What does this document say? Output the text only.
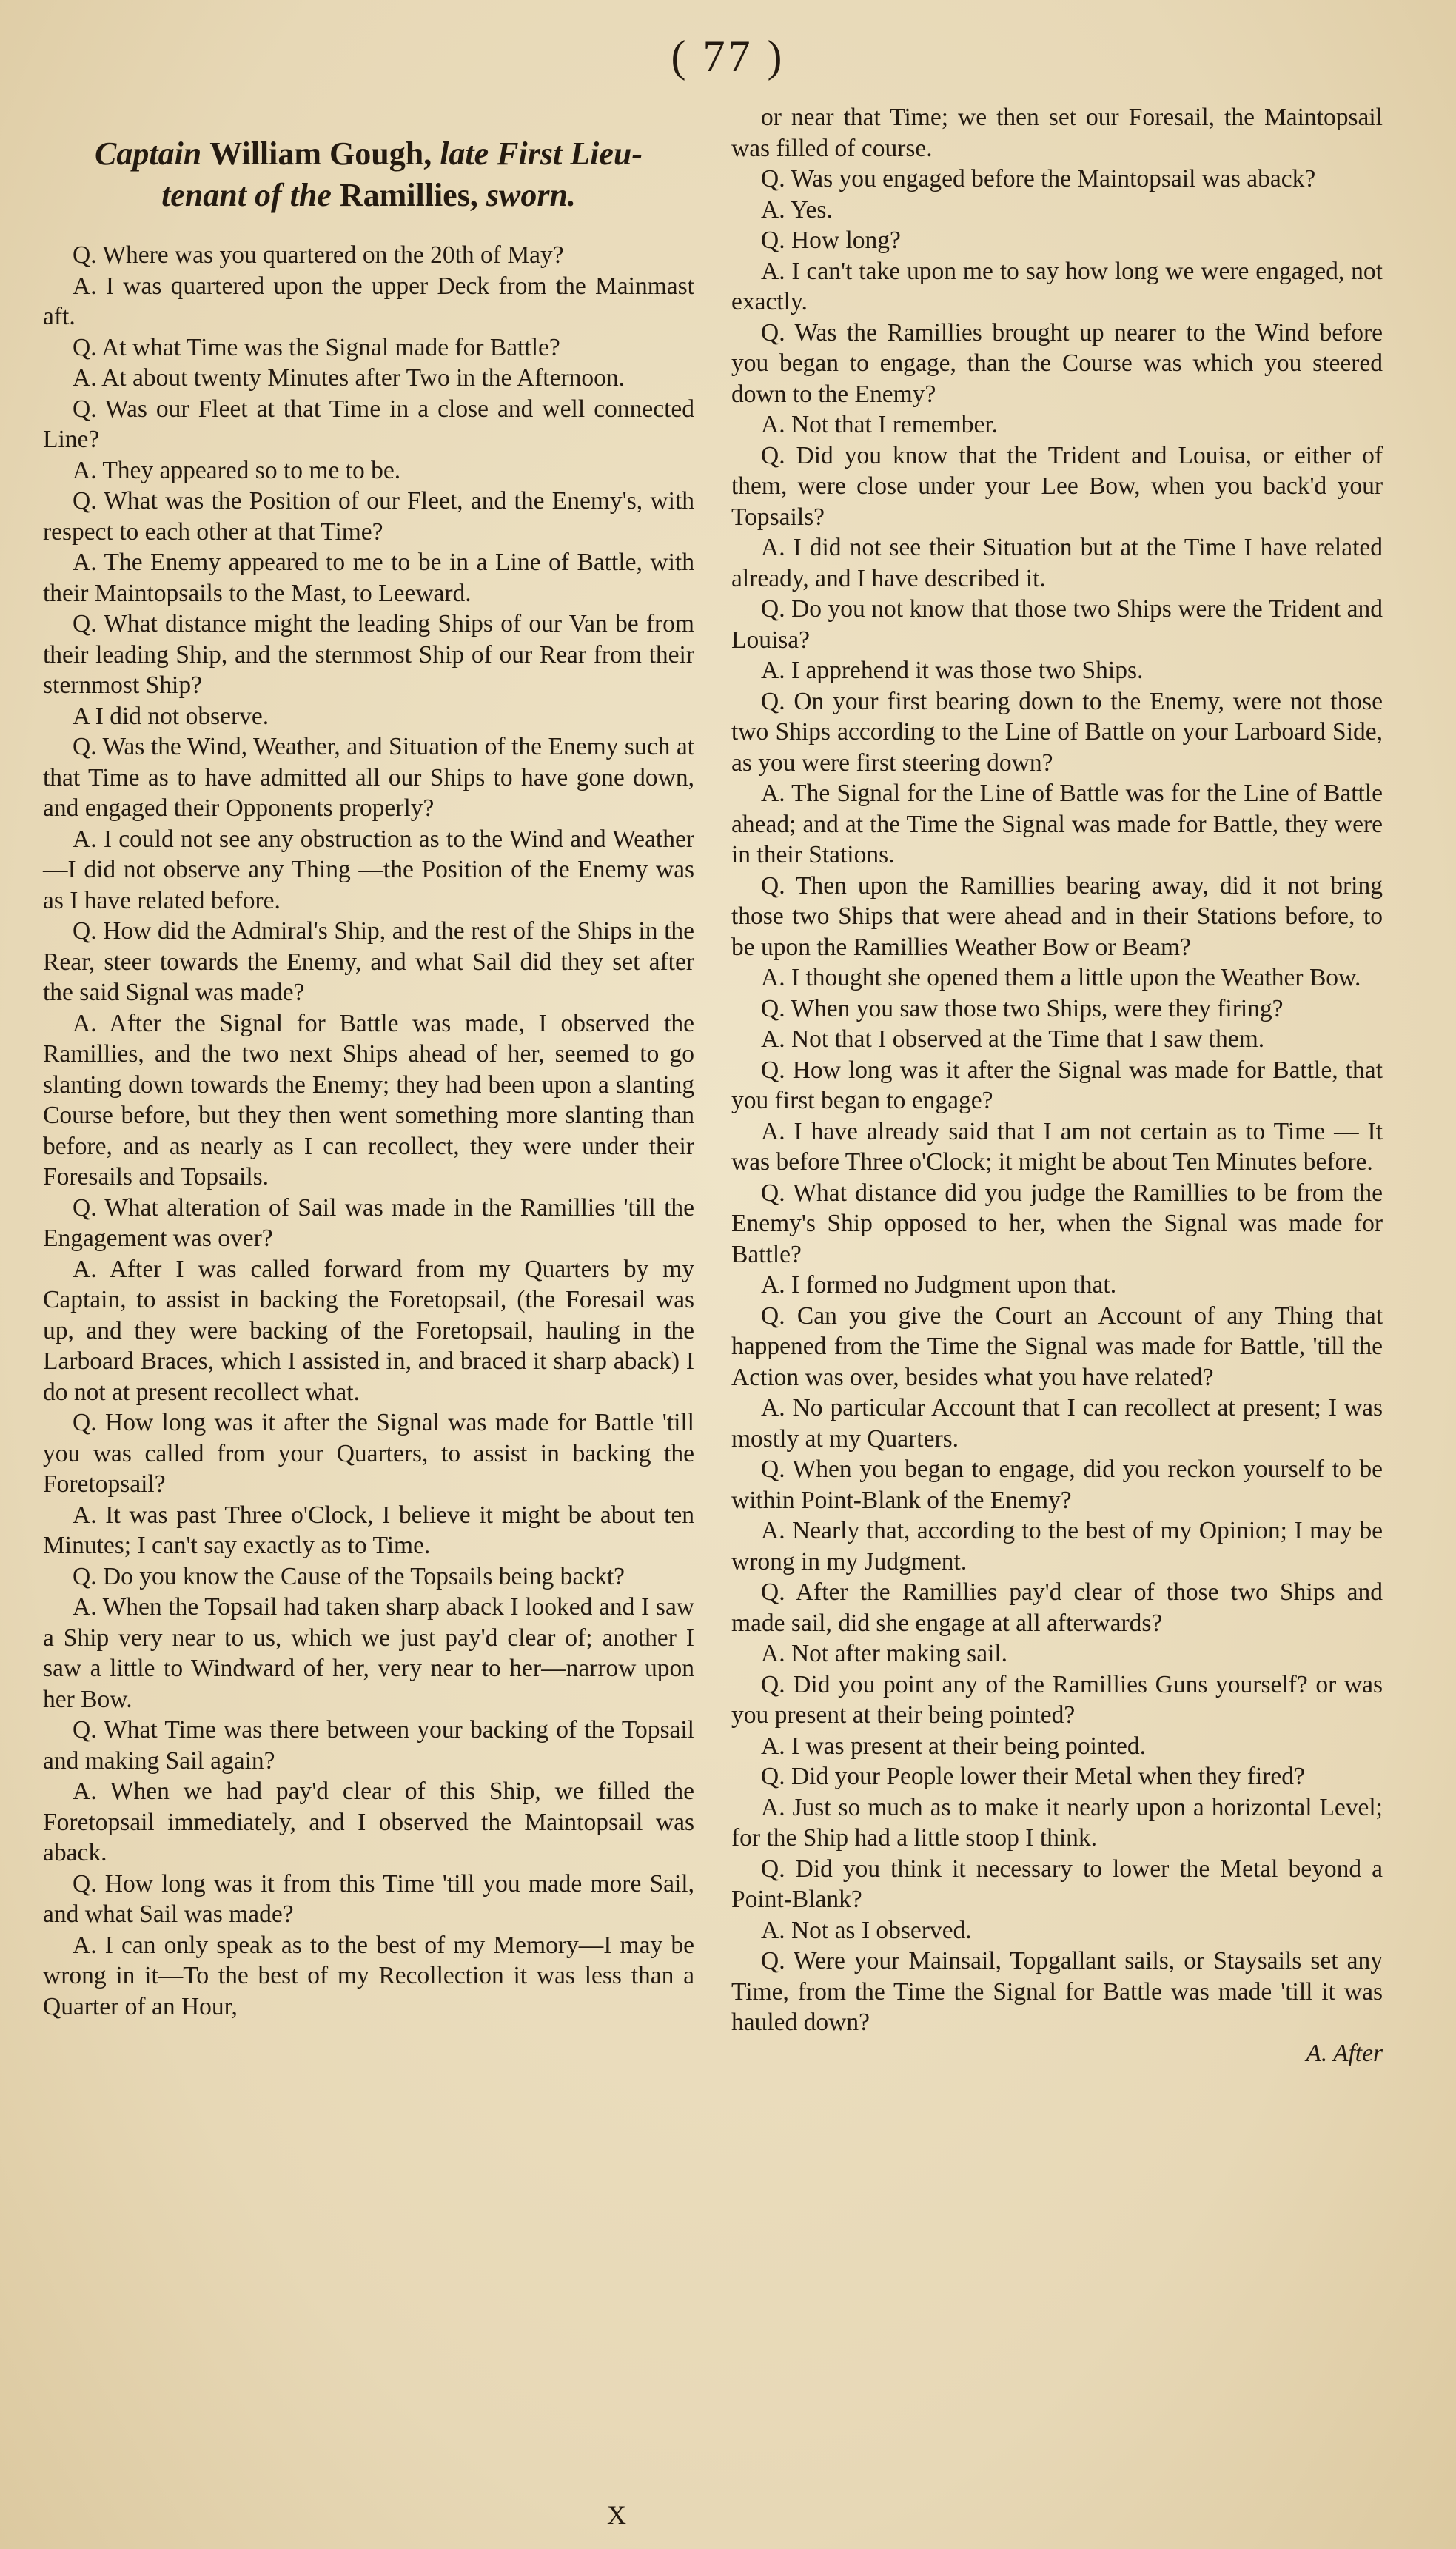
( 77 )
Captain William Gough, late First Lieu-
tenant of the Ramillies, sworn.

Q. Where was you quartered on the 20th of May?

A. I was quartered upon the upper Deck from the Mainmast aft.

Q. At what Time was the Signal made for Battle?

A. At about twenty Minutes after Two in the Afternoon.

Q. Was our Fleet at that Time in a close and well connected Line?

A. They appeared so to me to be.

Q. What was the Position of our Fleet, and the Enemy's, with respect to each other at that Time?

A. The Enemy appeared to me to be in a Line of Battle, with their Maintopsails to the Mast, to Leeward.

Q. What distance might the leading Ships of our Van be from their leading Ship, and the sternmost Ship of our Rear from their sternmost Ship?

A I did not observe.

Q. Was the Wind, Weather, and Situation of the Enemy such at that Time as to have admitted all our Ships to have gone down, and engaged their Opponents properly?

A. I could not see any obstruction as to the Wind and Weather—I did not observe any Thing —the Position of the Enemy was as I have related before.

Q. How did the Admiral's Ship, and the rest of the Ships in the Rear, steer towards the Enemy, and what Sail did they set after the said Signal was made?

A. After the Signal for Battle was made, I observed the Ramillies, and the two next Ships ahead of her, seemed to go slanting down towards the Enemy; they had been upon a slanting Course before, but they then went something more slanting than before, and as nearly as I can recollect, they were under their Foresails and Topsails.

Q. What alteration of Sail was made in the Ramillies 'till the Engagement was over?

A. After I was called forward from my Quarters by my Captain, to assist in backing the Foretopsail, (the Foresail was up, and they were backing of the Foretopsail, hauling in the Larboard Braces, which I assisted in, and braced it sharp aback) I do not at present recollect what.

Q. How long was it after the Signal was made for Battle 'till you was called from your Quarters, to assist in backing the Foretopsail?

A. It was past Three o'Clock, I believe it might be about ten Minutes; I can't say exactly as to Time.

Q. Do you know the Cause of the Topsails being backt?

A. When the Topsail had taken sharp aback I looked and I saw a Ship very near to us, which we just pay'd clear of; another I saw a little to Windward of her, very near to her—narrow upon her Bow.

Q. What Time was there between your backing of the Topsail and making Sail again?

A. When we had pay'd clear of this Ship, we filled the Foretopsail immediately, and I observed the Maintopsail was aback.

Q. How long was it from this Time 'till you made more Sail, and what Sail was made?

A. I can only speak as to the best of my Memory—I may be wrong in it—To the best of my Recollection it was less than a Quarter of an Hour,

or near that Time; we then set our Foresail, the Maintopsail was filled of course.

Q. Was you engaged before the Maintopsail was aback?

A. Yes.

Q. How long?

A. I can't take upon me to say how long we were engaged, not exactly.

Q. Was the Ramillies brought up nearer to the Wind before you began to engage, than the Course was which you steered down to the Enemy?

A. Not that I remember.

Q. Did you know that the Trident and Louisa, or either of them, were close under your Lee Bow, when you back'd your Topsails?

A. I did not see their Situation but at the Time I have related already, and I have described it.

Q. Do you not know that those two Ships were the Trident and Louisa?

A. I apprehend it was those two Ships.

Q. On your first bearing down to the Enemy, were not those two Ships according to the Line of Battle on your Larboard Side, as you were first steering down?

A. The Signal for the Line of Battle was for the Line of Battle ahead; and at the Time the Signal was made for Battle, they were in their Stations.

Q. Then upon the Ramillies bearing away, did it not bring those two Ships that were ahead and in their Stations before, to be upon the Ramillies Weather Bow or Beam?

A. I thought she opened them a little upon the Weather Bow.

Q. When you saw those two Ships, were they firing?

A. Not that I observed at the Time that I saw them.

Q. How long was it after the Signal was made for Battle, that you first began to engage?

A. I have already said that I am not certain as to Time — It was before Three o'Clock; it might be about Ten Minutes before.

Q. What distance did you judge the Ramillies to be from the Enemy's Ship opposed to her, when the Signal was made for Battle?

A. I formed no Judgment upon that.

Q. Can you give the Court an Account of any Thing that happened from the Time the Signal was made for Battle, 'till the Action was over, besides what you have related?

A. No particular Account that I can recollect at present; I was mostly at my Quarters.

Q. When you began to engage, did you reckon yourself to be within Point-Blank of the Enemy?

A. Nearly that, according to the best of my Opinion; I may be wrong in my Judgment.

Q. After the Ramillies pay'd clear of those two Ships and made sail, did she engage at all afterwards?

A. Not after making sail.

Q. Did you point any of the Ramillies Guns yourself? or was you present at their being pointed?

A. I was present at their being pointed.

Q. Did your People lower their Metal when they fired?

A. Just so much as to make it nearly upon a horizontal Level; for the Ship had a little stoop I think.

Q. Did you think it necessary to lower the Metal beyond a Point-Blank?

A. Not as I observed.

Q. Were your Mainsail, Topgallant sails, or Staysails set any Time, from the Time the Signal for Battle was made 'till it was hauled down?

A. After

X
